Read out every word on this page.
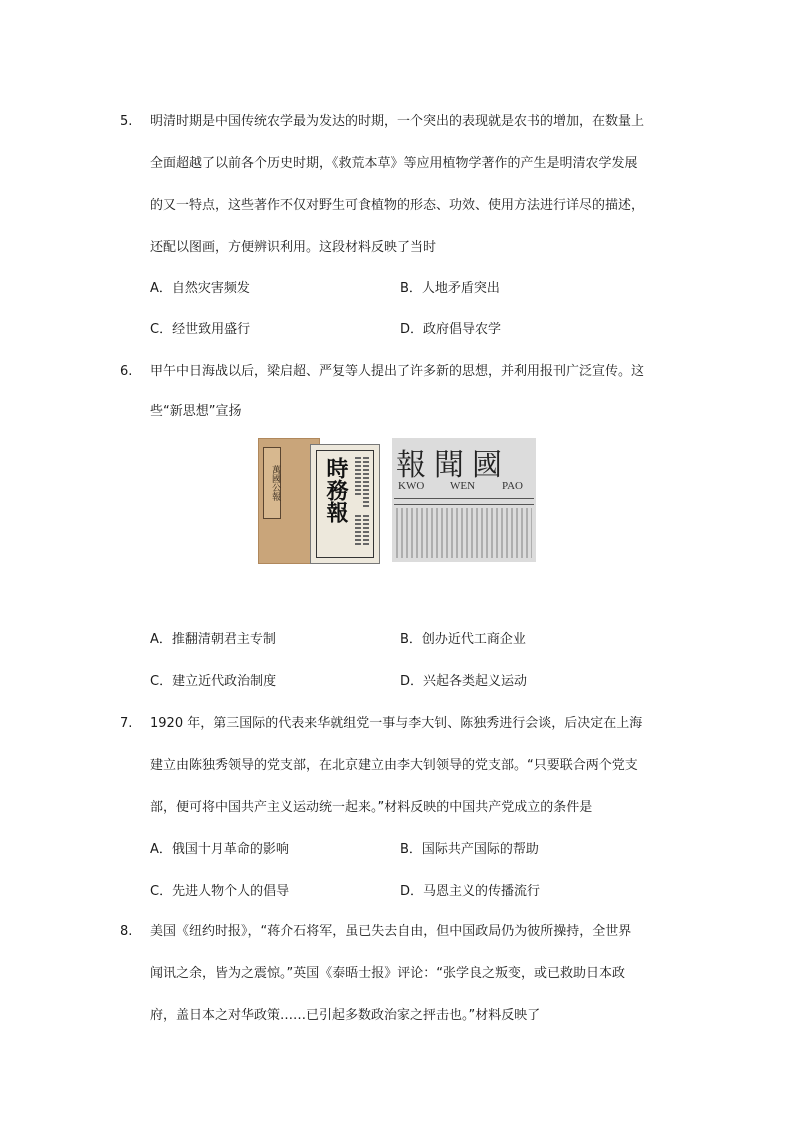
5. 明清时期是中国传统农学最为发达的时期，一个突出的表现就是农书的增加，在数量上
全面超越了以前各个历史时期，《救荒本草》等应用植物学著作的产生是明清农学发展
的又一特点，这些著作不仅对野生可食植物的形态、功效、使用方法进行详尽的描述，
还配以图画，方便辨识利用。这段材料反映了当时
A．自然灾害频发	B．人地矛盾突出
C．经世致用盛行	D．政府倡导农学
6. 甲午中日海战以后，梁启超、严复等人提出了许多新的思想，并利用报刊广泛宣传。这
些“新思想”宣扬
萬國公報 時務報 報聞國
KWO WEN PAO
A．推翻清朝君主专制	B．创办近代工商企业
C．建立近代政治制度	D．兴起各类起义运动
7. 1920 年，第三国际的代表来华就组党一事与李大钊、陈独秀进行会谈，后决定在上海
建立由陈独秀领导的党支部，在北京建立由李大钊领导的党支部。“只要联合两个党支
部，便可将中国共产主义运动统一起来。”材料反映的中国共产党成立的条件是
A．俄国十月革命的影响	B．国际共产国际的帮助
C．先进人物个人的倡导	D．马恩主义的传播流行
8. 美国《纽约时报》，“蒋介石将军，虽已失去自由，但中国政局仍为彼所操持，全世界
闻讯之余，皆为之震惊。”英国《泰晤士报》评论：“张学良之叛变，或已救助日本政
府，盖日本之对华政策……已引起多数政治家之抨击也。”材料反映了
